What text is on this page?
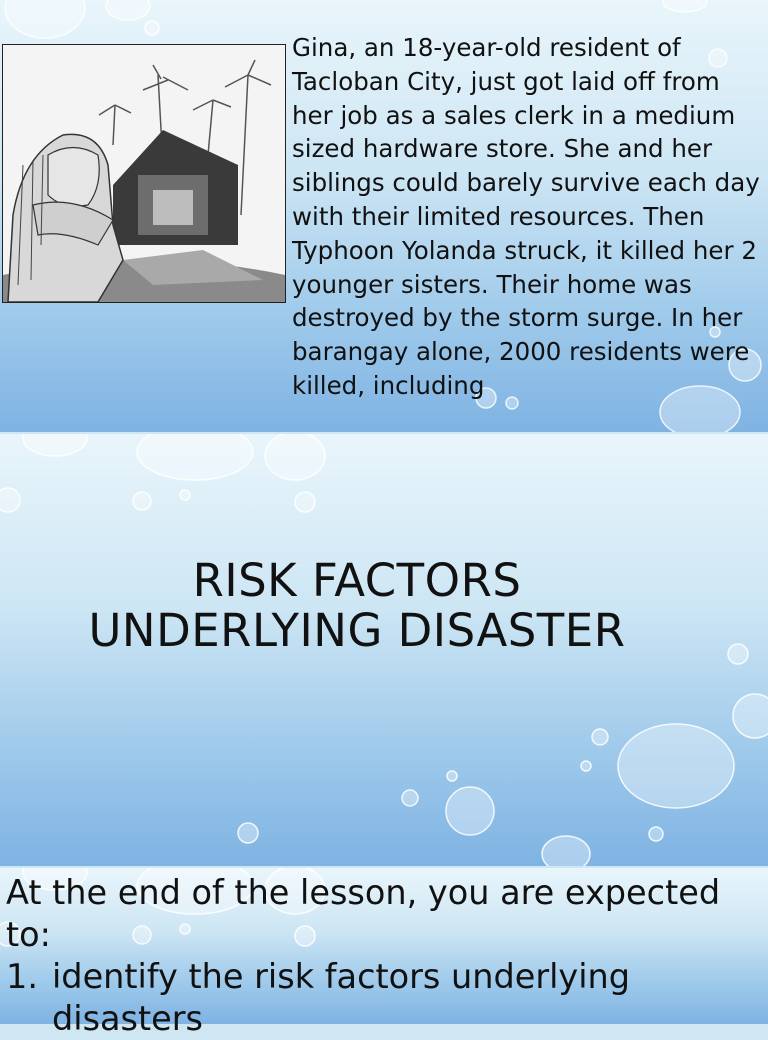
Gina, an 18-year-old resident of Tacloban City, just got laid off from her job as a sales clerk in a medium sized hardware store. She and her siblings could barely survive each day with their limited resources. Then Typhoon Yolanda struck, it killed her 2 younger sisters. Their home was destroyed by the storm surge. In her barangay alone, 2000 residents were killed, including

RISK FACTORS
UNDERLYING DISASTER
At the end of the lesson, you are expected
to:
1. identify the risk factors underlying
disasters
